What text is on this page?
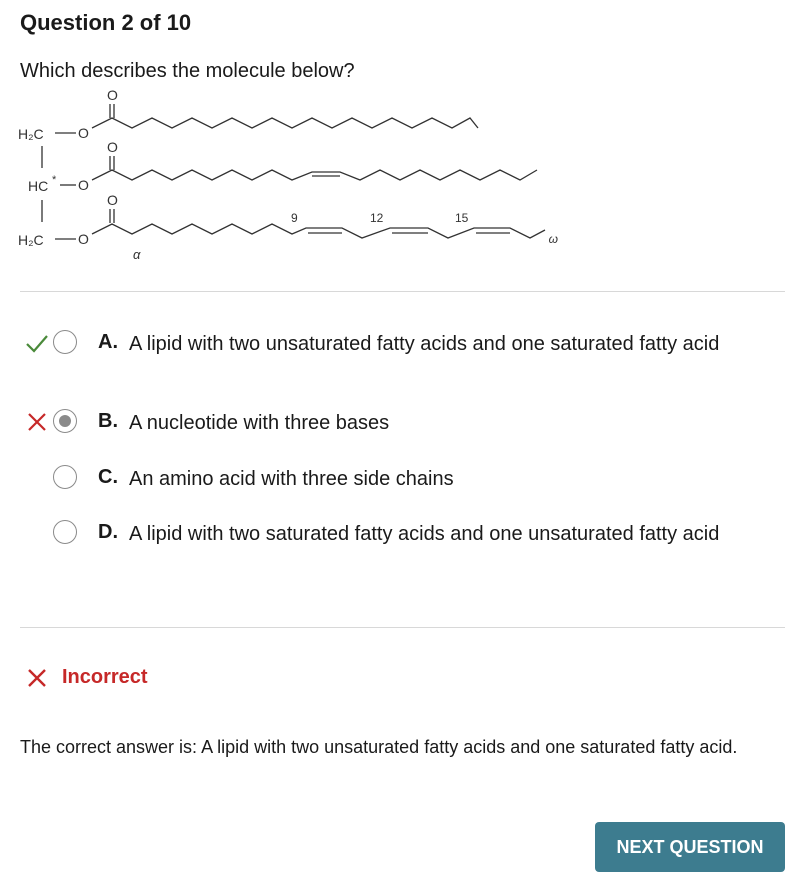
Question 2 of 10
Which describes the molecule below?
H₂C
HC *
H₂C
O
O
O
O
O
O
9	12	15
α
ω
A. A lipid with two unsaturated fatty acids and one saturated fatty acid
B. A nucleotide with three bases
C. An amino acid with three side chains
D. A lipid with two saturated fatty acids and one unsaturated fatty acid
Incorrect
The correct answer is: A lipid with two unsaturated fatty acids and one saturated fatty acid.
NEXT QUESTION
